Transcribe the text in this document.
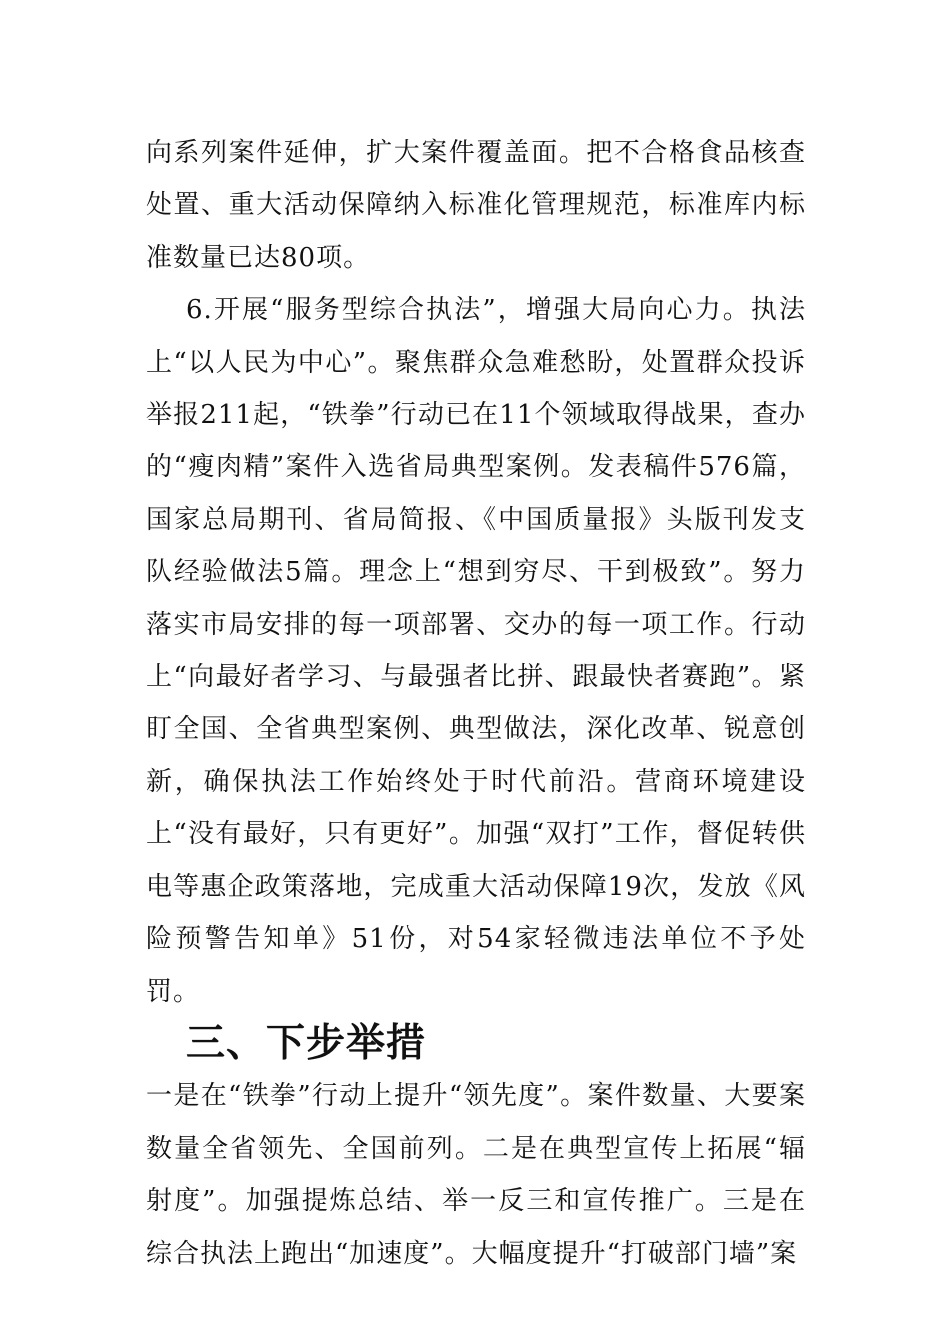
向系列案件延伸，扩大案件覆盖面。把不合格食品核查处置、重大活动保障纳入标准化管理规范，标准库内标准数量已达80项。

6.开展“服务型综合执法”，增强大局向心力。执法上“以人民为中心”。聚焦群众急难愁盼，处置群众投诉举报211起，“铁拳”行动已在11个领域取得战果，查办的“瘦肉精”案件入选省局典型案例。发表稿件576篇，国家总局期刊、省局简报、《中国质量报》头版刊发支队经验做法5篇。理念上“想到穷尽、干到极致”。努力落实市局安排的每一项部署、交办的每一项工作。行动上“向最好者学习、与最强者比拼、跟最快者赛跑”。紧盯全国、全省典型案例、典型做法，深化改革、锐意创新，确保执法工作始终处于时代前沿。营商环境建设上“没有最好，只有更好”。加强“双打”工作，督促转供电等惠企政策落地，完成重大活动保障19次，发放《风险预警告知单》51份，对54家轻微违法单位不予处罚。

三、下步举措

一是在“铁拳”行动上提升“领先度”。案件数量、大要案数量全省领先、全国前列。二是在典型宣传上拓展“辐射度”。加强提炼总结、举一反三和宣传推广。三是在综合执法上跑出“加速度”。大幅度提升“打破部门墙”案
